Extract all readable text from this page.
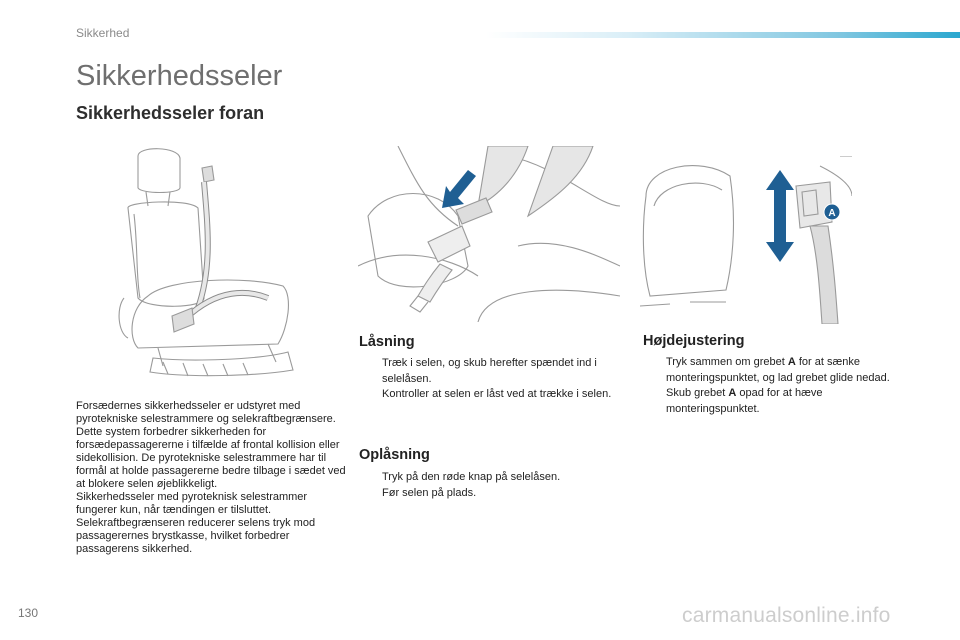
Sikkerhed
Sikkerhedsseler
Sikkerhedsseler foran
A

Forsædernes sikkerhedsseler er udstyret med pyrotekniske selestrammere og selekraftbegrænsere.

Dette system forbedrer sikkerheden for forsædepassagererne i tilfælde af frontal kollision eller sidekollision. De pyrotekniske selestrammere har til formål at holde passagererne bedre tilbage i sædet ved at blokere selen øjeblikkeligt.

Sikkerhedsseler med pyroteknisk selestrammer fungerer kun, når tændingen er tilsluttet.

Selekraftbegrænseren reducerer selens tryk mod passagerernes brystkasse, hvilket forbedrer passagerens sikkerhed.

Låsning
Træk i selen, og skub herefter spændet ind i selelåsen.
Kontroller at selen er låst ved at trække i selen.
Oplåsning
Tryk på den røde knap på selelåsen.
Før selen på plads.
Højdejustering
Tryk sammen om grebet A for at sænke monteringspunktet, og lad grebet glide nedad.
Skub grebet A opad for at hæve monteringspunktet.
130	carmanualsonline.info
